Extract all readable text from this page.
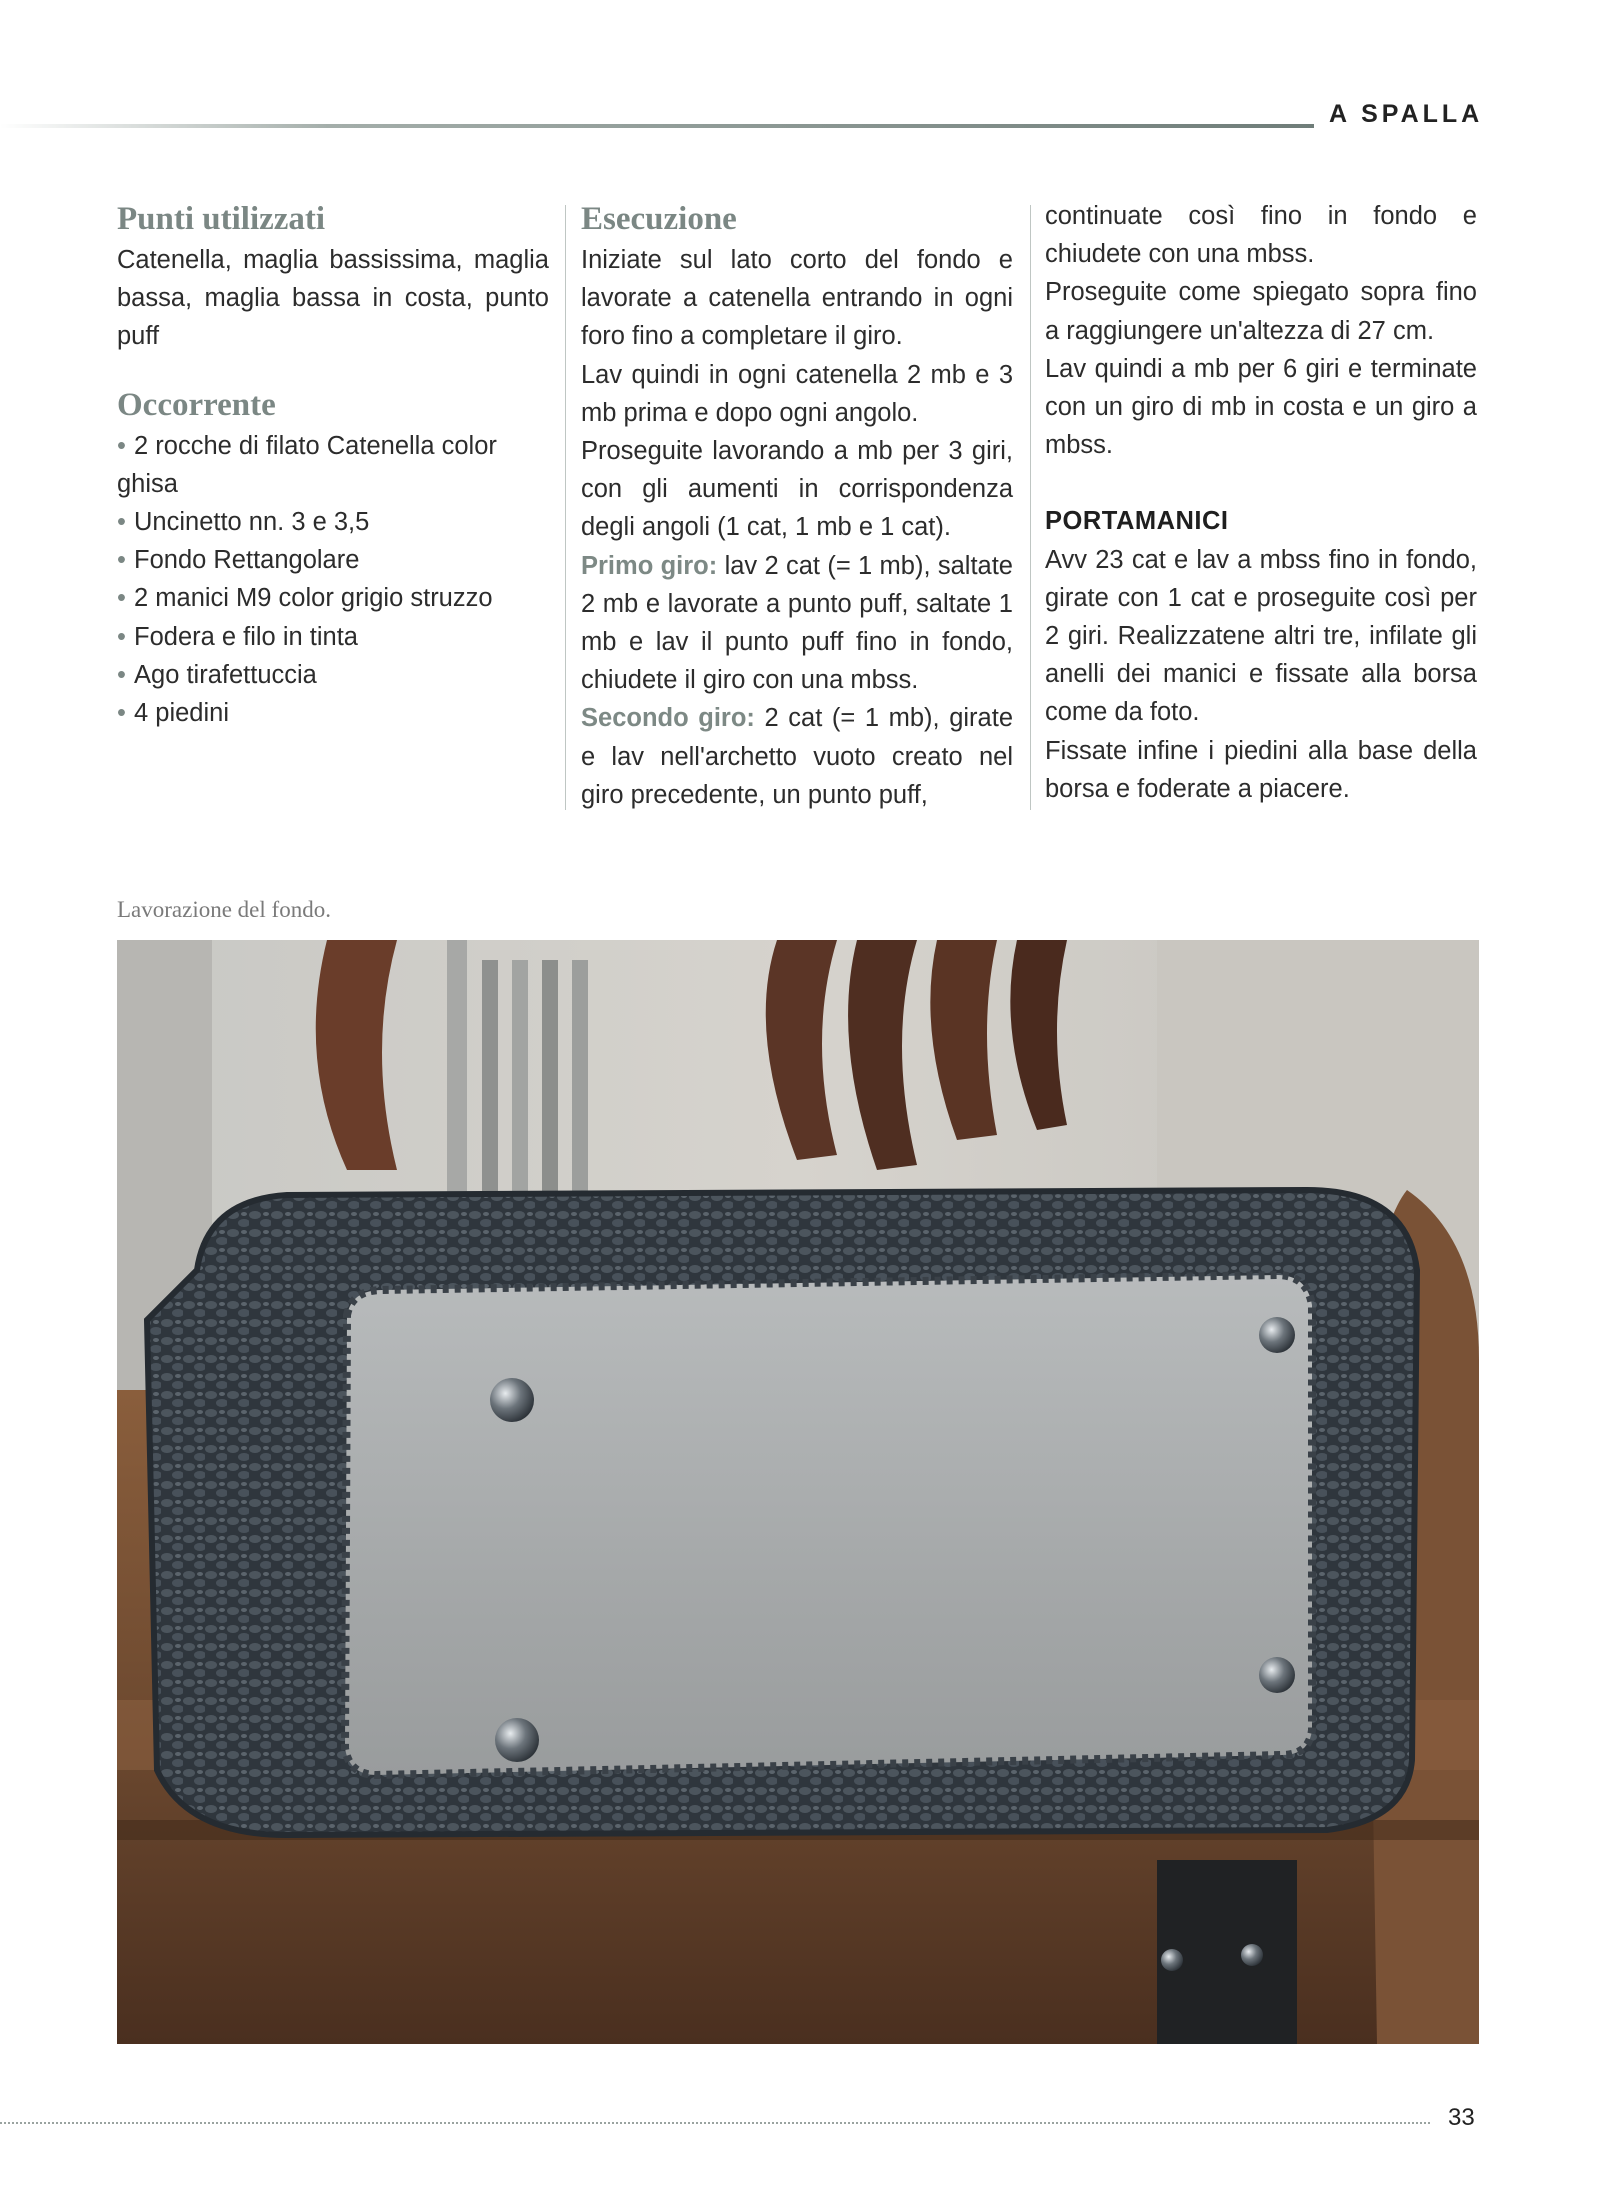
A SPALLA
Punti utilizzati

Catenella, maglia bassissima, maglia bassa, maglia bassa in costa, punto puff

Occorrente
• 2 rocche di filato Catenella color ghisa
• Uncinetto nn. 3 e 3,5
• Fondo Rettangolare
• 2 manici M9 color grigio struzzo
• Fodera e filo in tinta
• Ago tirafettuccia
• 4 piedini
Esecuzione

Iniziate sul lato corto del fondo e lavorate a catenella entrando in ogni foro fino a completare il giro.

Lav quindi in ogni catenella 2 mb e 3 mb prima e dopo ogni angolo.

Proseguite lavorando a mb per 3 giri, con gli aumenti in corrispondenza degli angoli (1 cat, 1 mb e 1 cat).

Primo giro: lav 2 cat (= 1 mb), saltate 2 mb e lavorate a punto puff, saltate 1 mb e lav il punto puff fino in fondo, chiudete il giro con una mbss.

Secondo giro: 2 cat (= 1 mb), girate e lav nell'archetto vuoto creato nel giro precedente, un punto puff,

continuate così fino in fondo e chiudete con una mbss.

Proseguite come spiegato sopra fino a raggiungere un'altezza di 27 cm.

Lav quindi a mb per 6 giri e terminate con un giro di mb in costa e un giro a mbss.

PORTAMANICI

Avv 23 cat e lav a mbss fino in fondo, girate con 1 cat e proseguite così per 2 giri. Realizzatene altri tre, infilate gli anelli dei manici e fissate alla borsa come da foto.

Fissate infine i piedini alla base della borsa e foderate a piacere.

Lavorazione del fondo.
33
